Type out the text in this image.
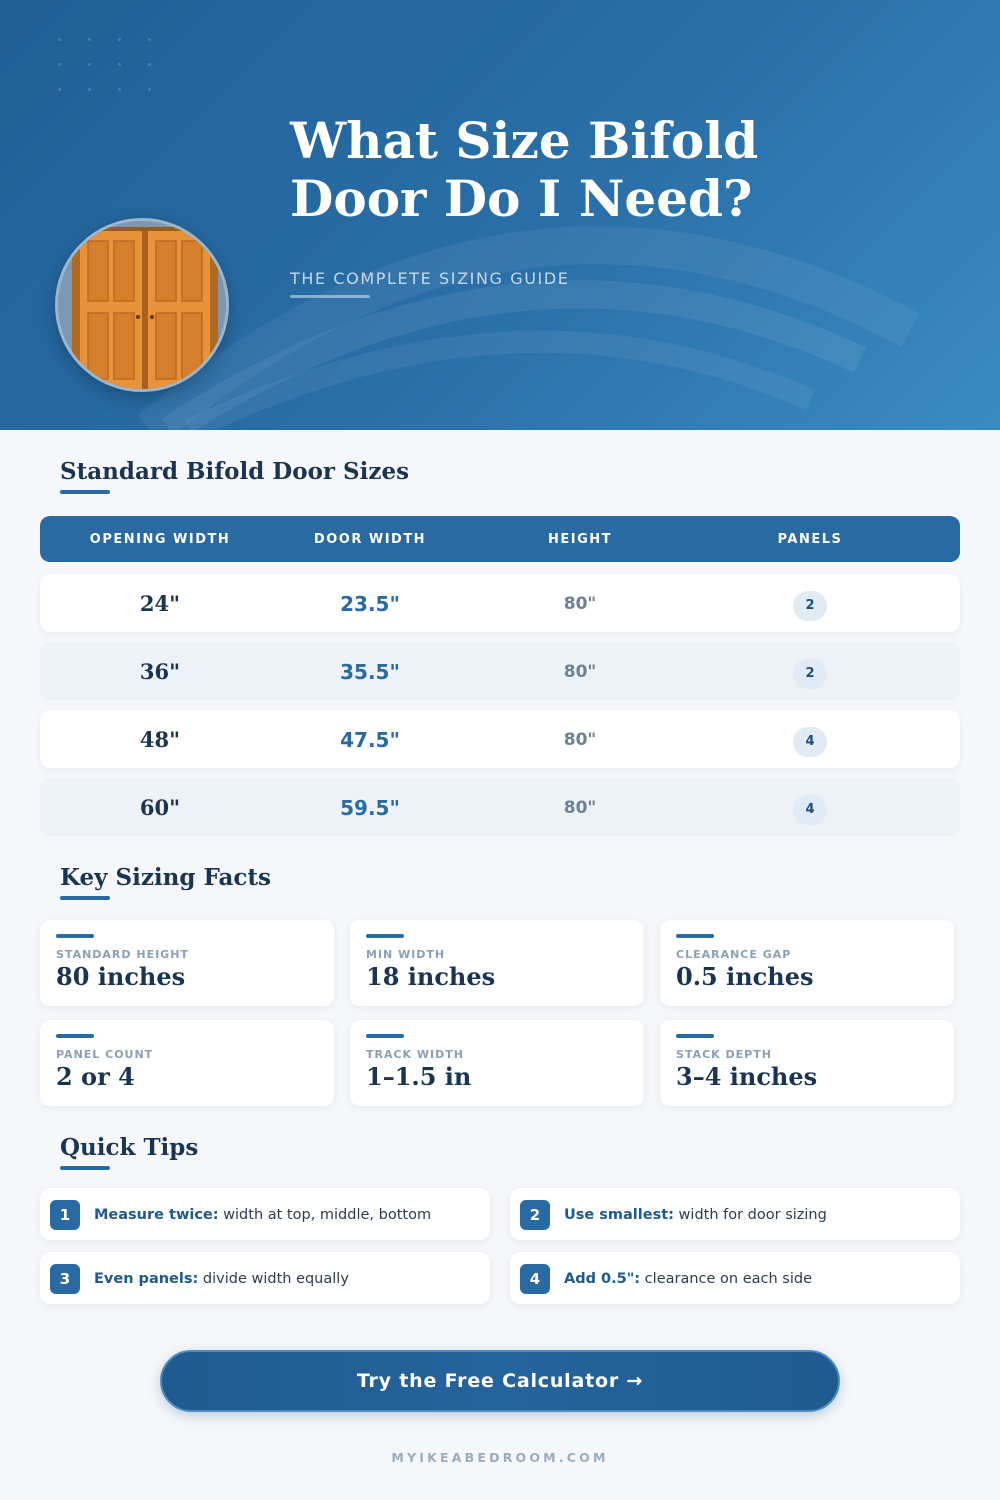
What Size Bifold
Door Do I Need?
THE COMPLETE SIZING GUIDE
Standard Bifold Door Sizes
OPENING WIDTH	DOOR WIDTH	HEIGHT	PANELS
24"	23.5"	80"	2
36"	35.5"	80"	2
48"	47.5"	80"	4
60"	59.5"	80"	4
Key Sizing Facts
STANDARD HEIGHT
80 inches
MIN WIDTH
18 inches
CLEARANCE GAP
0.5 inches
PANEL COUNT
2 or 4
TRACK WIDTH
1–1.5 in
STACK DEPTH
3–4 inches
Quick Tips
1	Measure twice: width at top, middle, bottom	2	Use smallest: width for door sizing
3	Even panels: divide width equally	4	Add 0.5": clearance on each side
Try the Free Calculator →
MYIKEABEDROOM.COM
